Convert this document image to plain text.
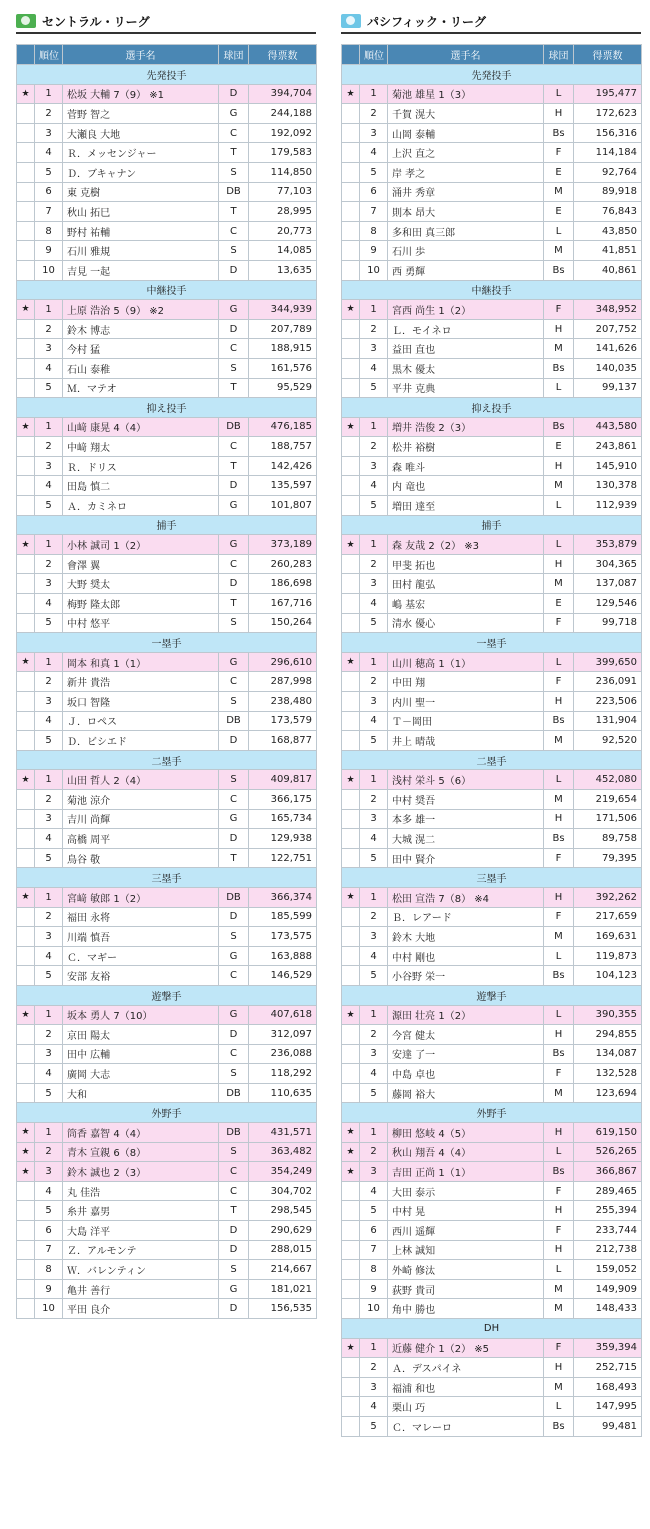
セントラル・リーグ
	順位	選手名	球団	得票数
先発投手				
★	1	松坂 大輔 7（9） ※1	D	394,704
	2	菅野 智之	G	244,188
	3	大瀬良 大地	C	192,092
	4	Ｒ．メッセンジャー	T	179,583
	5	Ｄ．ブキャナン	S	114,850
	6	東 克樹	DB	77,103
	7	秋山 拓巳	T	28,995
	8	野村 祐輔	C	20,773
	9	石川 雅規	S	14,085
	10	吉見 一起	D	13,635
中継投手				
★	1	上原 浩治 5（9） ※2	G	344,939
	2	鈴木 博志	D	207,789
	3	今村 猛	C	188,915
	4	石山 泰稚	S	161,576
	5	Ｍ．マテオ	T	95,529
抑え投手				
★	1	山﨑 康晃 4（4）	DB	476,185
	2	中﨑 翔太	C	188,757
	3	Ｒ．ドリス	T	142,426
	4	田島 慎二	D	135,597
	5	Ａ．カミネロ	G	101,807
捕手				
★	1	小林 誠司 1（2）	G	373,189
	2	會澤 翼	C	260,283
	3	大野 奨太	D	186,698
	4	梅野 隆太郎	T	167,716
	5	中村 悠平	S	150,264
一塁手				
★	1	岡本 和真 1（1）	G	296,610
	2	新井 貴浩	C	287,998
	3	坂口 智隆	S	238,480
	4	Ｊ．ロペス	DB	173,579
	5	Ｄ．ビシエド	D	168,877
二塁手				
★	1	山田 哲人 2（4）	S	409,817
	2	菊池 涼介	C	366,175
	3	吉川 尚輝	G	165,734
	4	高橋 周平	D	129,938
	5	鳥谷 敬	T	122,751
三塁手				
★	1	宮﨑 敏郎 1（2）	DB	366,374
	2	福田 永将	D	185,599
	3	川端 慎吾	S	173,575
	4	Ｃ．マギー	G	163,888
	5	安部 友裕	C	146,529
遊撃手				
★	1	坂本 勇人 7（10）	G	407,618
	2	京田 陽太	D	312,097
	3	田中 広輔	C	236,088
	4	廣岡 大志	S	118,292
	5	大和	DB	110,635
外野手				
★	1	筒香 嘉智 4（4）	DB	431,571
★	2	青木 宣親 6（8）	S	363,482
★	3	鈴木 誠也 2（3）	C	354,249
	4	丸 佳浩	C	304,702
	5	糸井 嘉男	T	298,545
	6	大島 洋平	D	290,629
	7	Ｚ．アルモンテ	D	288,015
	8	Ｗ．バレンティン	S	214,667
	9	亀井 善行	G	181,021
	10	平田 良介	D	156,535
パシフィック・リーグ
	順位	選手名	球団	得票数
先発投手				
★	1	菊池 雄星 1（3）	L	195,477
	2	千賀 滉大	H	172,623
	3	山岡 泰輔	Bs	156,316
	4	上沢 直之	F	114,184
	5	岸 孝之	E	92,764
	6	涌井 秀章	M	89,918
	7	則本 昂大	E	76,843
	8	多和田 真三郎	L	43,850
	9	石川 歩	M	41,851
	10	西 勇輝	Bs	40,861
中継投手				
★	1	宮西 尚生 1（2）	F	348,952
	2	Ｌ．モイネロ	H	207,752
	3	益田 直也	M	141,626
	4	黒木 優太	Bs	140,035
	5	平井 克典	L	99,137
抑え投手				
★	1	増井 浩俊 2（3）	Bs	443,580
	2	松井 裕樹	E	243,861
	3	森 唯斗	H	145,910
	4	内 竜也	M	130,378
	5	増田 達至	L	112,939
捕手				
★	1	森 友哉 2（2） ※3	L	353,879
	2	甲斐 拓也	H	304,365
	3	田村 龍弘	M	137,087
	4	嶋 基宏	E	129,546
	5	清水 優心	F	99,718
一塁手				
★	1	山川 穂高 1（1）	L	399,650
	2	中田 翔	F	236,091
	3	内川 聖一	H	223,506
	4	Ｔ－岡田	Bs	131,904
	5	井上 晴哉	M	92,520
二塁手				
★	1	浅村 栄斗 5（6）	L	452,080
	2	中村 奨吾	M	219,654
	3	本多 雄一	H	171,506
	4	大城 滉二	Bs	89,758
	5	田中 賢介	F	79,395
三塁手				
★	1	松田 宣浩 7（8） ※4	H	392,262
	2	Ｂ．レアード	F	217,659
	3	鈴木 大地	M	169,631
	4	中村 剛也	L	119,873
	5	小谷野 栄一	Bs	104,123
遊撃手				
★	1	源田 壮亮 1（2）	L	390,355
	2	今宮 健太	H	294,855
	3	安達 了一	Bs	134,087
	4	中島 卓也	F	132,528
	5	藤岡 裕大	M	123,694
外野手				
★	1	柳田 悠岐 4（5）	H	619,150
★	2	秋山 翔吾 4（4）	L	526,265
★	3	吉田 正尚 1（1）	Bs	366,867
	4	大田 泰示	F	289,465
	5	中村 晃	H	255,394
	6	西川 遥輝	F	233,744
	7	上林 誠知	H	212,738
	8	外崎 修汰	L	159,052
	9	荻野 貴司	M	149,909
	10	角中 勝也	M	148,433
DH				
★	1	近藤 健介 1（2） ※5	F	359,394
	2	Ａ．デスパイネ	H	252,715
	3	福浦 和也	M	168,493
	4	栗山 巧	L	147,995
	5	Ｃ．マレーロ	Bs	99,481
